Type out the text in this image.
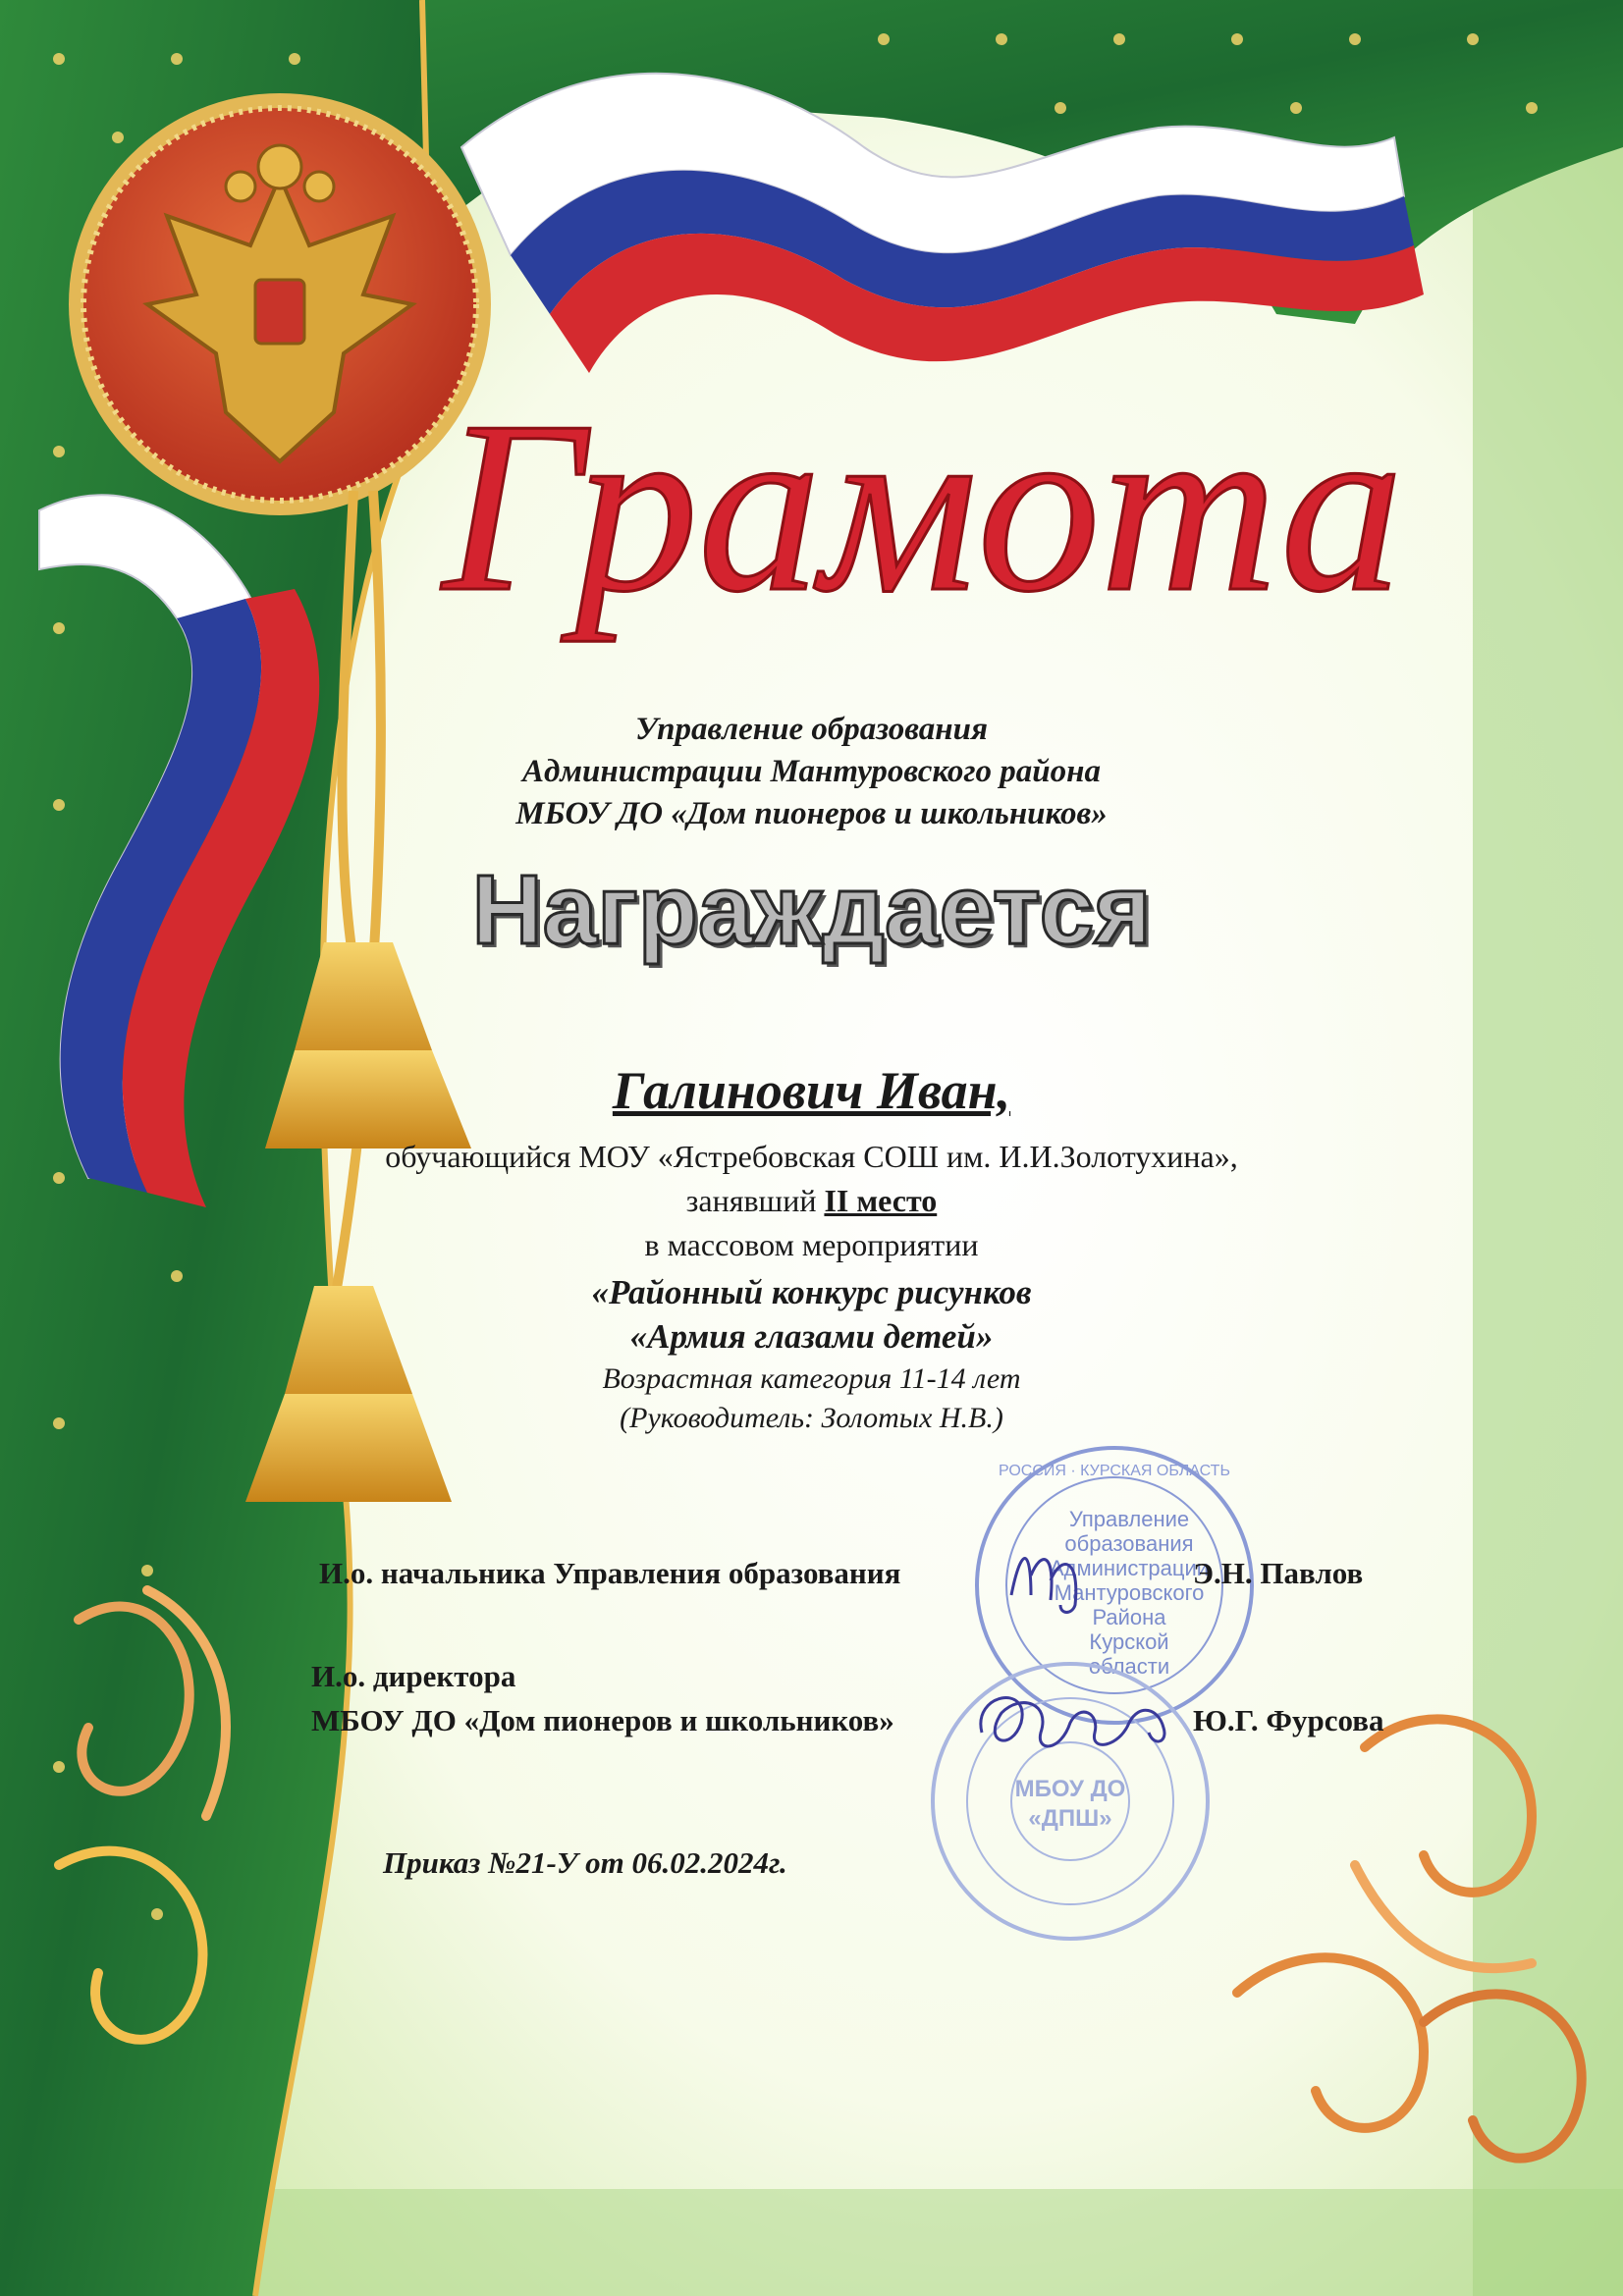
Грамота
Управление образования
Администрации Мантуровского района
МБОУ ДО «Дом пионеров и школьников»
Награждается
Галинович Иван,
обучающийся МОУ «Ястребовская СОШ им. И.И.Золотухина»,
занявший II место
в массовом мероприятии
«Районный конкурс рисунков
«Армия глазами детей»
Возрастная категория 11-14 лет
(Руководитель: Золотых Н.В.)
РОССИЯ · КУРСКАЯ ОБЛАСТЬ
Управление
образования
Администрации
Мантуровского
Района
Курской
области
МБОУ ДО
«ДПШ»
И.о. начальника Управления образования	Э.Н. Павлов
И.о. директора
МБОУ ДО «Дом пионеров и школьников»	Ю.Г. Фурсова
Приказ №21-У от 06.02.2024г.
